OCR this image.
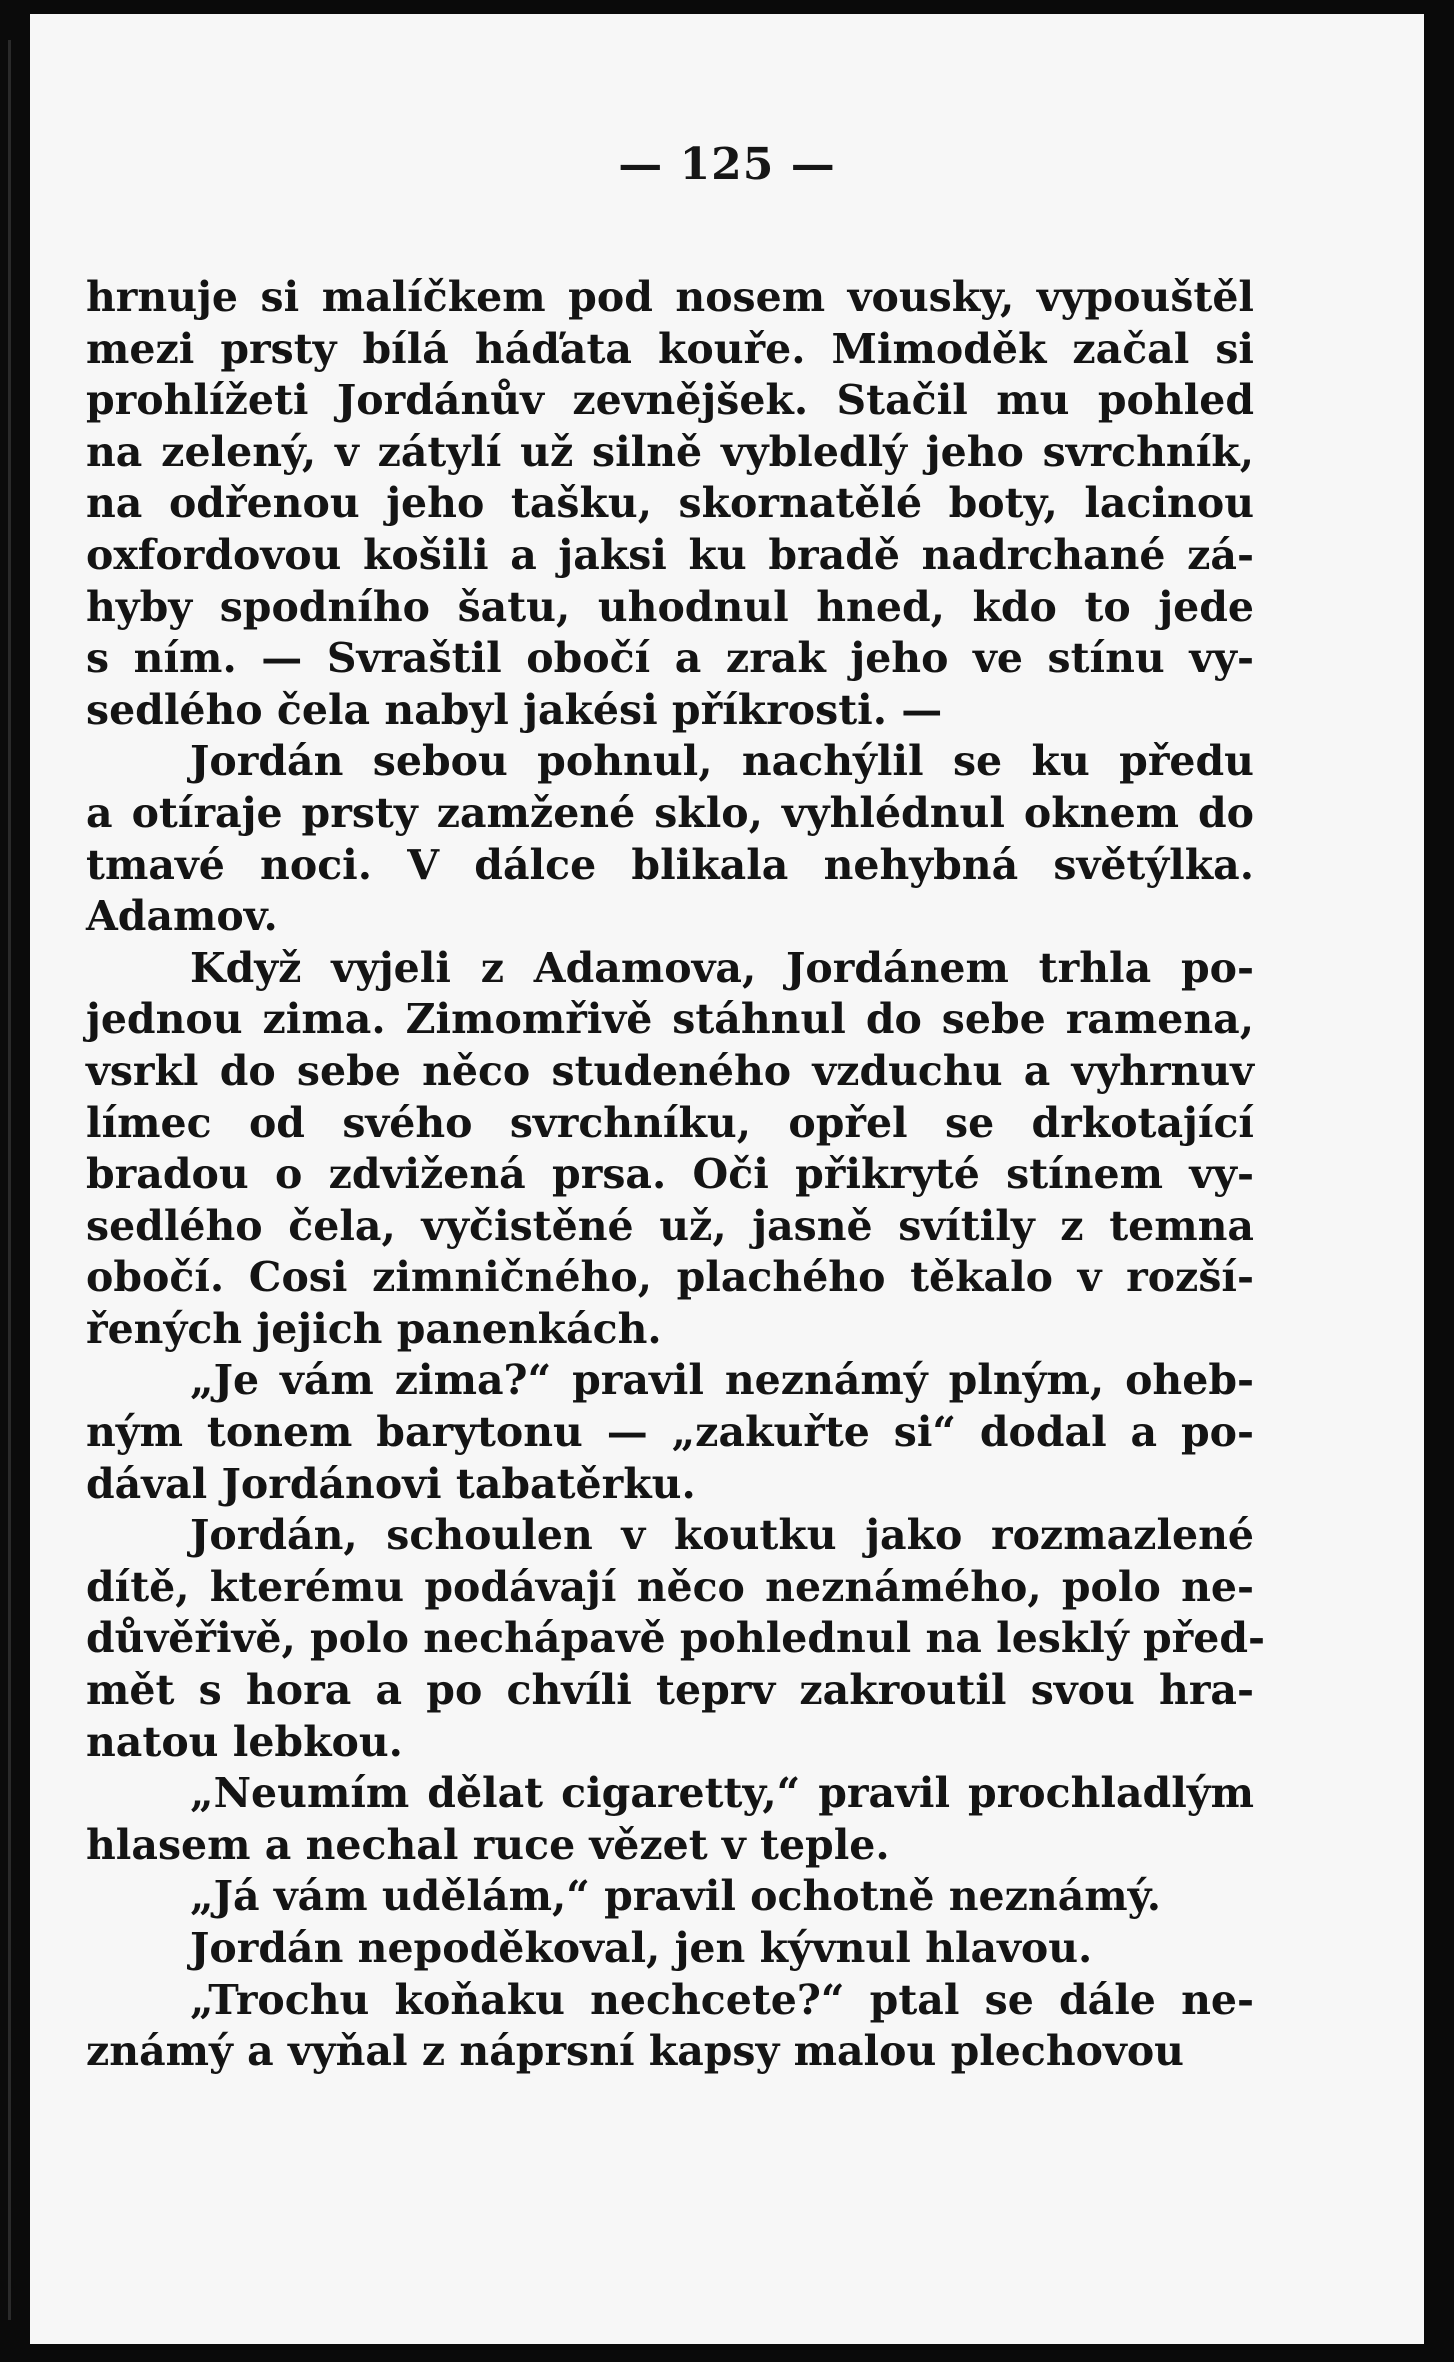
— 125 —
hrnuje si malíčkem pod nosem vousky, vypouštěl
mezi prsty bílá háďata kouře. Mimoděk začal si
prohlížeti Jordánův zevnějšek. Stačil mu pohled
na zelený, v zátylí už silně vybledlý jeho svrchník,
na odřenou jeho tašku, skornatělé boty, lacinou
oxfordovou košili a jaksi ku bradě nadrchané zá-
hyby spodního šatu, uhodnul hned, kdo to jede
s ním. — Svraštil obočí a zrak jeho ve stínu vy-
sedlého čela nabyl jakési příkrosti. —
Jordán sebou pohnul, nachýlil se ku předu
a otíraje prsty zamžené sklo, vyhlédnul oknem do
tmavé noci. V dálce blikala nehybná světýlka.
Adamov.
Když vyjeli z Adamova, Jordánem trhla po-
jednou zima. Zimomřivě stáhnul do sebe ramena,
vsrkl do sebe něco studeného vzduchu a vyhrnuv
límec od svého svrchníku, opřel se drkotající
bradou o zdvižená prsa. Oči přikryté stínem vy-
sedlého čela, vyčistěné už, jasně svítily z temna
obočí. Cosi zimničného, plachého těkalo v rozší-
řených jejich panenkách.
„Je vám zima?“ pravil neznámý plným, oheb-
ným tonem barytonu — „zakuřte si“ dodal a po-
dával Jordánovi tabatěrku.
Jordán, schoulen v koutku jako rozmazlené
dítě, kterému podávají něco neznámého, polo ne-
důvěřivě, polo nechápavě pohlednul na lesklý před-
mět s hora a po chvíli teprv zakroutil svou hra-
natou lebkou.
„Neumím dělat cigaretty,“ pravil prochladlým
hlasem a nechal ruce vězet v teple.
„Já vám udělám,“ pravil ochotně neznámý.
Jordán nepoděkoval, jen kývnul hlavou.
„Trochu koňaku nechcete?“ ptal se dále ne-
známý a vyňal z náprsní kapsy malou plechovou
